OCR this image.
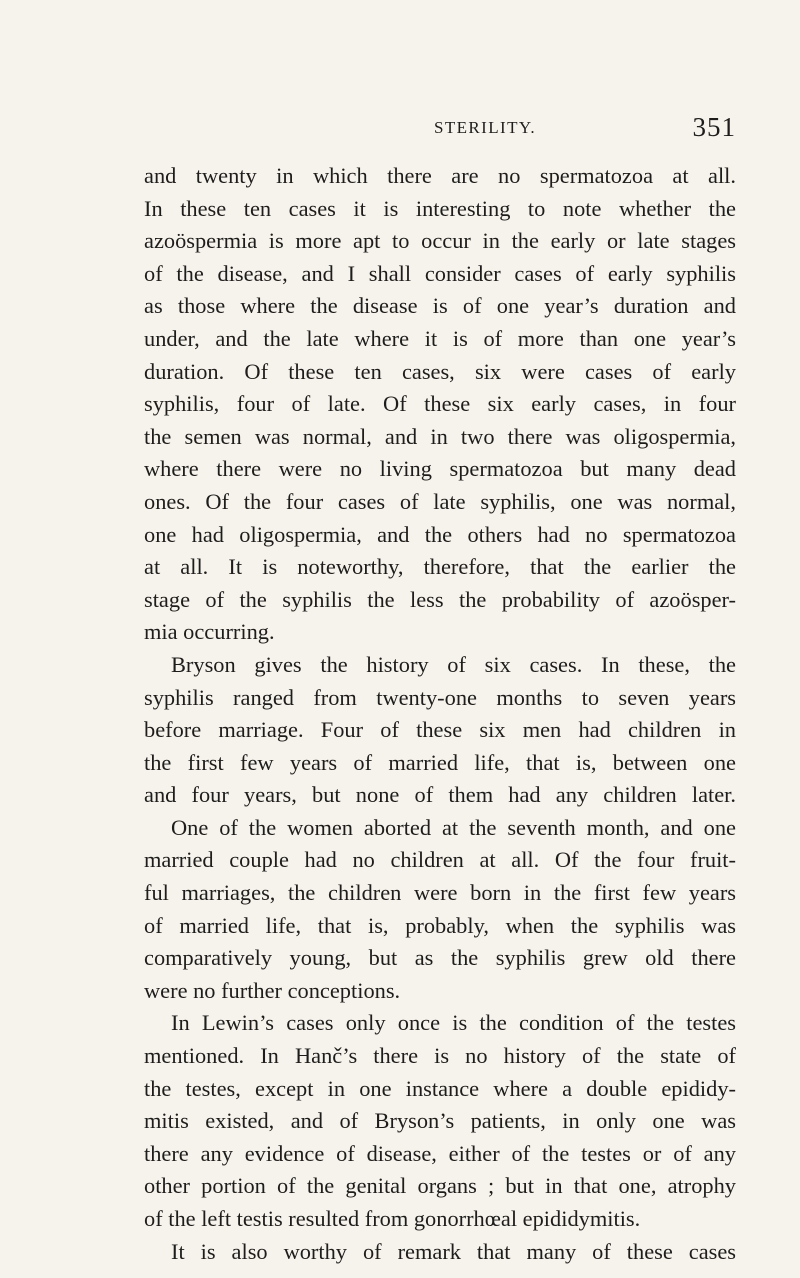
STERILITY.	351
and twenty in which there are no spermatozoa at all.
In these ten cases it is interesting to note whether the
azoöspermia is more apt to occur in the early or late stages
of the disease, and I shall consider cases of early syphilis
as those where the disease is of one year’s duration and
under, and the late where it is of more than one year’s
duration. Of these ten cases, six were cases of early
syphilis, four of late. Of these six early cases, in four
the semen was normal, and in two there was oligospermia,
where there were no living spermatozoa but many dead
ones. Of the four cases of late syphilis, one was normal,
one had oligospermia, and the others had no spermatozoa
at all. It is noteworthy, therefore, that the earlier the
stage of the syphilis the less the probability of azoösper-
mia occurring.
Bryson gives the history of six cases. In these, the
syphilis ranged from twenty-one months to seven years
before marriage. Four of these six men had children in
the first few years of married life, that is, between one
and four years, but none of them had any children later.
One of the women aborted at the seventh month, and one
married couple had no children at all. Of the four fruit-
ful marriages, the children were born in the first few years
of married life, that is, probably, when the syphilis was
comparatively young, but as the syphilis grew old there
were no further conceptions.
In Lewin’s cases only once is the condition of the testes
mentioned. In Hanč’s there is no history of the state of
the testes, except in one instance where a double epididy-
mitis existed, and of Bryson’s patients, in only one was
there any evidence of disease, either of the testes or of any
other portion of the genital organs ; but in that one, atrophy
of the left testis resulted from gonorrhœal epididymitis.
It is also worthy of remark that many of these cases
